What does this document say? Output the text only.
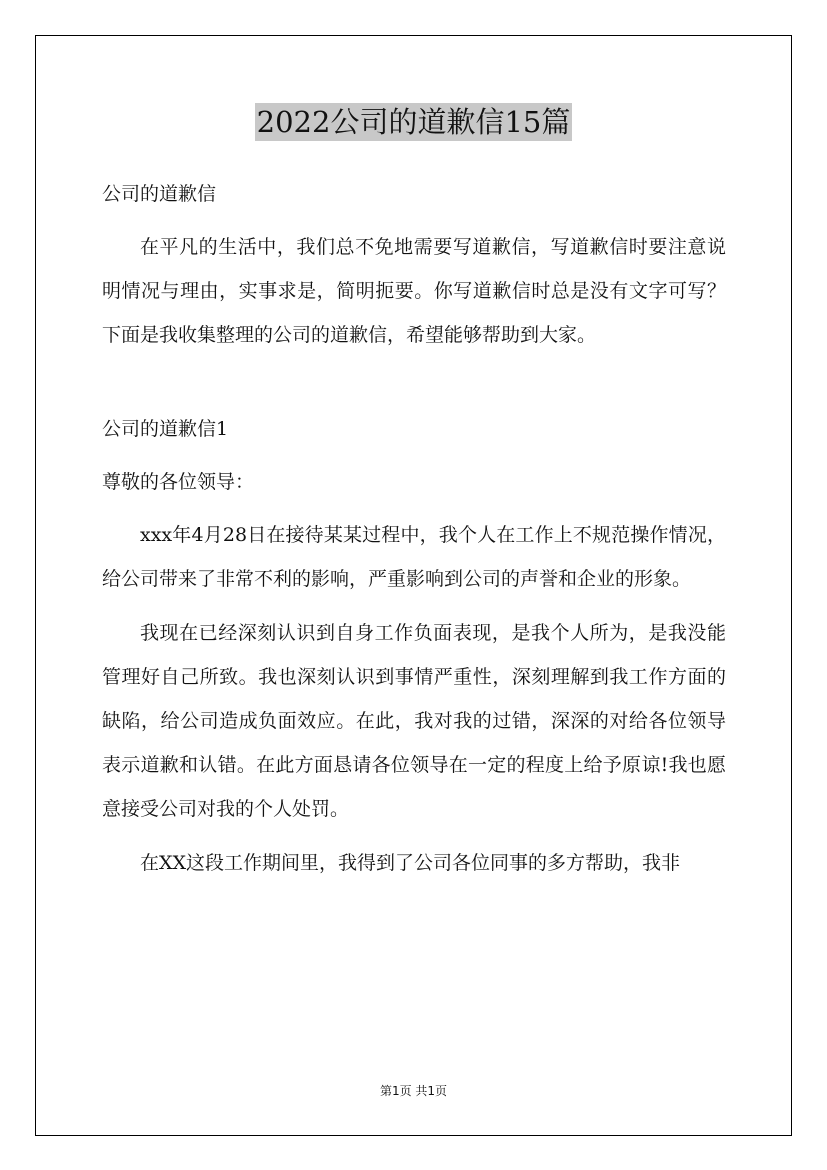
2022公司的道歉信15篇

公司的道歉信

在平凡的生活中，我们总不免地需要写道歉信，写道歉信时要注意说明情况与理由，实事求是，简明扼要。你写道歉信时总是没有文字可写？下面是我收集整理的公司的道歉信，希望能够帮助到大家。

公司的道歉信1

尊敬的各位领导：

xxx年4月28日在接待某某过程中，我个人在工作上不规范操作情况，给公司带来了非常不利的影响，严重影响到公司的声誉和企业的形象。

我现在已经深刻认识到自身工作负面表现，是我个人所为，是我没能管理好自己所致。我也深刻认识到事情严重性，深刻理解到我工作方面的缺陷，给公司造成负面效应。在此，我对我的过错，深深的对给各位领导表示道歉和认错。在此方面恳请各位领导在一定的程度上给予原谅!我也愿意接受公司对我的个人处罚。

在XX这段工作期间里，我得到了公司各位同事的多方帮助，我非

第1页 共1页
